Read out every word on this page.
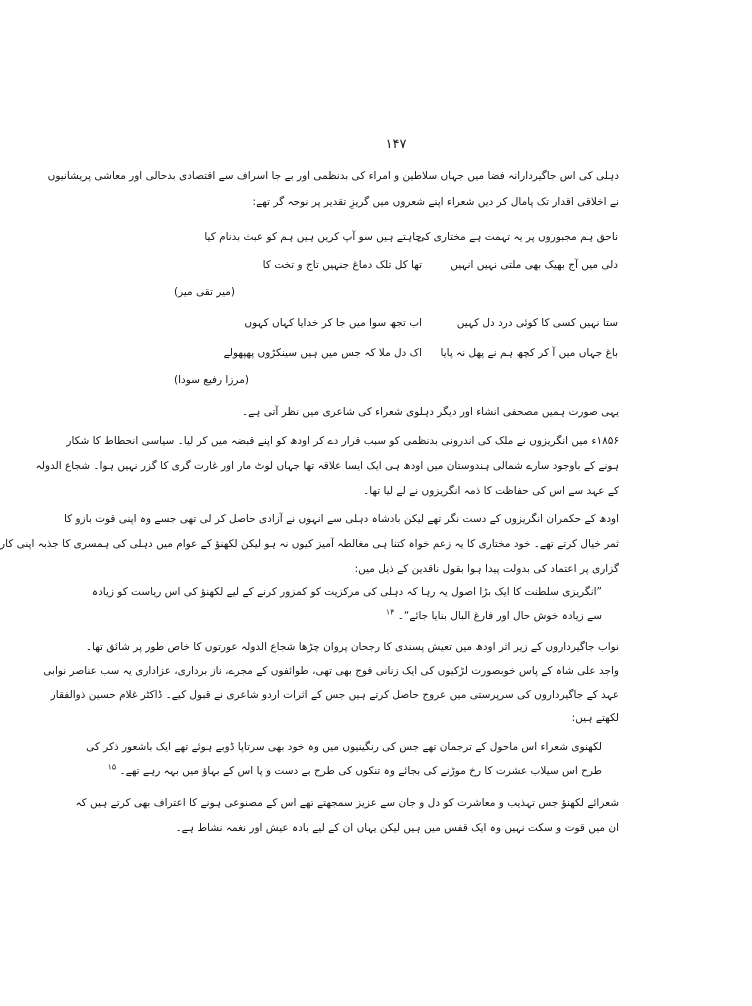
۱۴۷
دہلی کی اس جاگیردارانہ فضا میں جہاں سلاطین و امراء کی بدنظمی اور بے جا اسراف سے اقتصادی بدحالی اور معاشی پریشانیوں
نے اخلاقی اقدار تک پامال کر دیں شعراء اپنے شعروں میں گریزِ تقدیر پر نوحہ گر تھے:
ناحق ہم مجبوروں پر یہ تہمت ہے مختاری کی
چاہتے ہیں سو آپ کریں ہیں ہم کو عبث بدنام کیا
دلی میں آج بھیک بھی ملتی نہیں انہیں
تھا کل تلک دماغ جنہیں تاج و تخت کا
(میر تقی میر)
ستا نہیں کسی کا کوئی درد دل کہیں
اب تجھ سوا میں جا کر خدایا کہاں کہوں
باغ جہاں میں آ کر کچھ ہم نے پھل نہ پایا
اک دل ملا کہ جس میں ہیں سینکڑوں پھپھولے
(مرزا رفیع سودا)
یہی صورت ہمیں مصحفی انشاء اور دیگر دہلوی شعراء کی شاعری میں نظر آتی ہے۔
۱۸۵۶ء میں انگریزوں نے ملک کی اندرونی بدنظمی کو سبب قرار دے کر اودھ کو اپنے قبضہ میں کر لیا۔ سیاسی انحطاط کا شکار
ہونے کے باوجود سارے شمالی ہندوستان میں اودھ ہی ایک ایسا علاقہ تھا جہاں لوٹ مار اور غارت گری کا گزر نہیں ہوا۔ شجاع الدولہ
کے عہد سے اس کی حفاظت کا ذمہ انگریزوں نے لے لیا تھا۔
اودھ کے حکمران انگریزوں کے دست نگر تھے لیکن بادشاہ دہلی سے انہوں نے آزادی حاصل کر لی تھی جسے وہ اپنی قوت بازو کا
ثمر خیال کرتے تھے۔ خود مختاری کا یہ زعم خواہ کتنا ہی مغالطہ آمیز کیوں نہ ہو لیکن لکھنؤ کے عوام میں دہلی کی ہمسری کا جذبہ اپنی کار
گزاری پر اعتماد کی بدولت پیدا ہوا بقول ناقدین کے ذیل میں:
”انگریزی سلطنت کا ایک بڑا اصول یہ رہا کہ دہلی کی مرکزیت کو کمزور کرنے کے لیے لکھنؤ کی اس ریاست کو زیادہ
سے زیادہ خوش حال اور فارغ البال بنایا جائے“۔ $^{۱۴}$
نواب جاگیرداروں کے زیر اثر اودھ میں تعیش پسندی کا رجحان پروان چڑھا شجاع الدولہ عورتوں کا خاص طور پر شائق تھا۔
واجد علی شاہ کے پاس خوبصورت لڑکیوں کی ایک زنانی فوج بھی تھی، طوائفوں کے مجرے، ناز برداری، عزاداری یہ سب عناصر نوابی
عہد کے جاگیرداروں کی سرپرستی میں عروج حاصل کرتے ہیں جس کے اثرات اردو شاعری نے قبول کیے۔ ڈاکٹر غلام حسین ذوالفقار
لکھتے ہیں:
لکھنوی شعراء اس ماحول کے ترجمان تھے جس کی رنگینیوں میں وہ خود بھی سرتاپا ڈوبے ہوئے تھے ایک باشعور ذکر کی
طرح اس سیلاب عشرت کا رخ موڑنے کی بجائے وہ تنکوں کی طرح بے دست و پا اس کے بہاؤ میں بہہ رہے تھے۔ $^{۱۵}$
شعرائے لکھنؤ جس تہذیب و معاشرت کو دل و جان سے عزیز سمجھتے تھے اس کے مصنوعی ہونے کا اعتراف بھی کرتے ہیں کہ
ان میں قوت و سکت نہیں وہ ایک قفس میں ہیں لیکن یہاں ان کے لیے بادہ عیش اور نغمہ نشاط ہے۔
